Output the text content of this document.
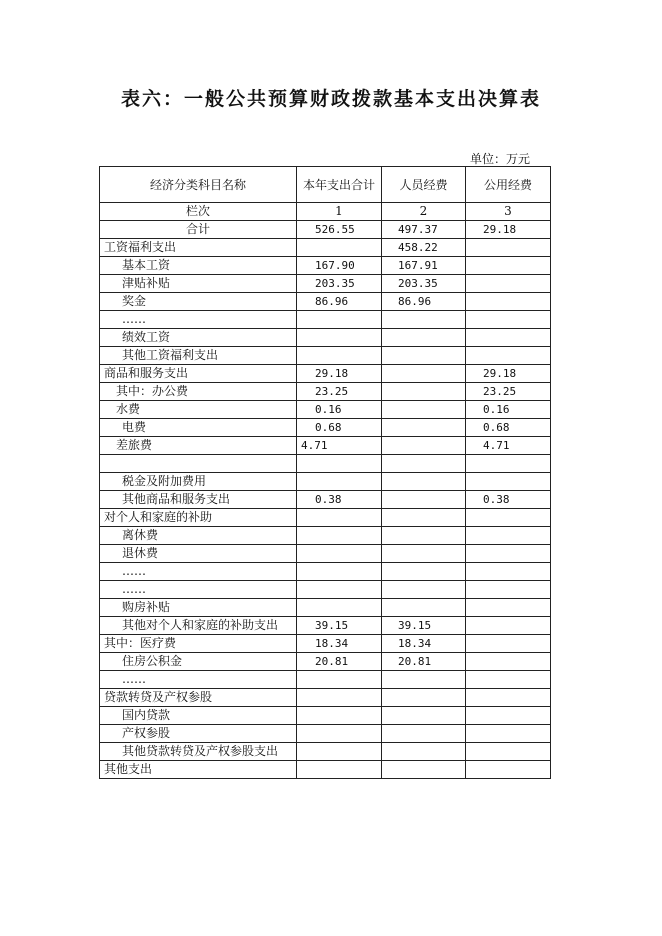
表六：一般公共预算财政拨款基本支出决算表
单位：万元
经济分类科目名称	本年支出合计	人员经费	公用经费
栏次	1	2	3
合计	526.55	497.37	29.18
工资福利支出		458.22	
基本工资	167.90	167.91	
津贴补贴	203.35	203.35	
奖金	86.96	86.96	
……			
绩效工资			
其他工资福利支出			
商品和服务支出	29.18		29.18
其中：办公费	23.25		23.25
水费	0.16		0.16
电费	0.68		0.68
差旅费	4.71		4.71

税金及附加费用			
其他商品和服务支出	0.38		0.38
对个人和家庭的补助			
离休费			
退休费			
……			
……			
购房补贴			
其他对个人和家庭的补助支出	39.15	39.15	
其中：医疗费	18.34	18.34	
住房公积金	20.81	20.81	
……			
贷款转贷及产权参股			
国内贷款			
产权参股			
其他贷款转贷及产权参股支出			
其他支出			
